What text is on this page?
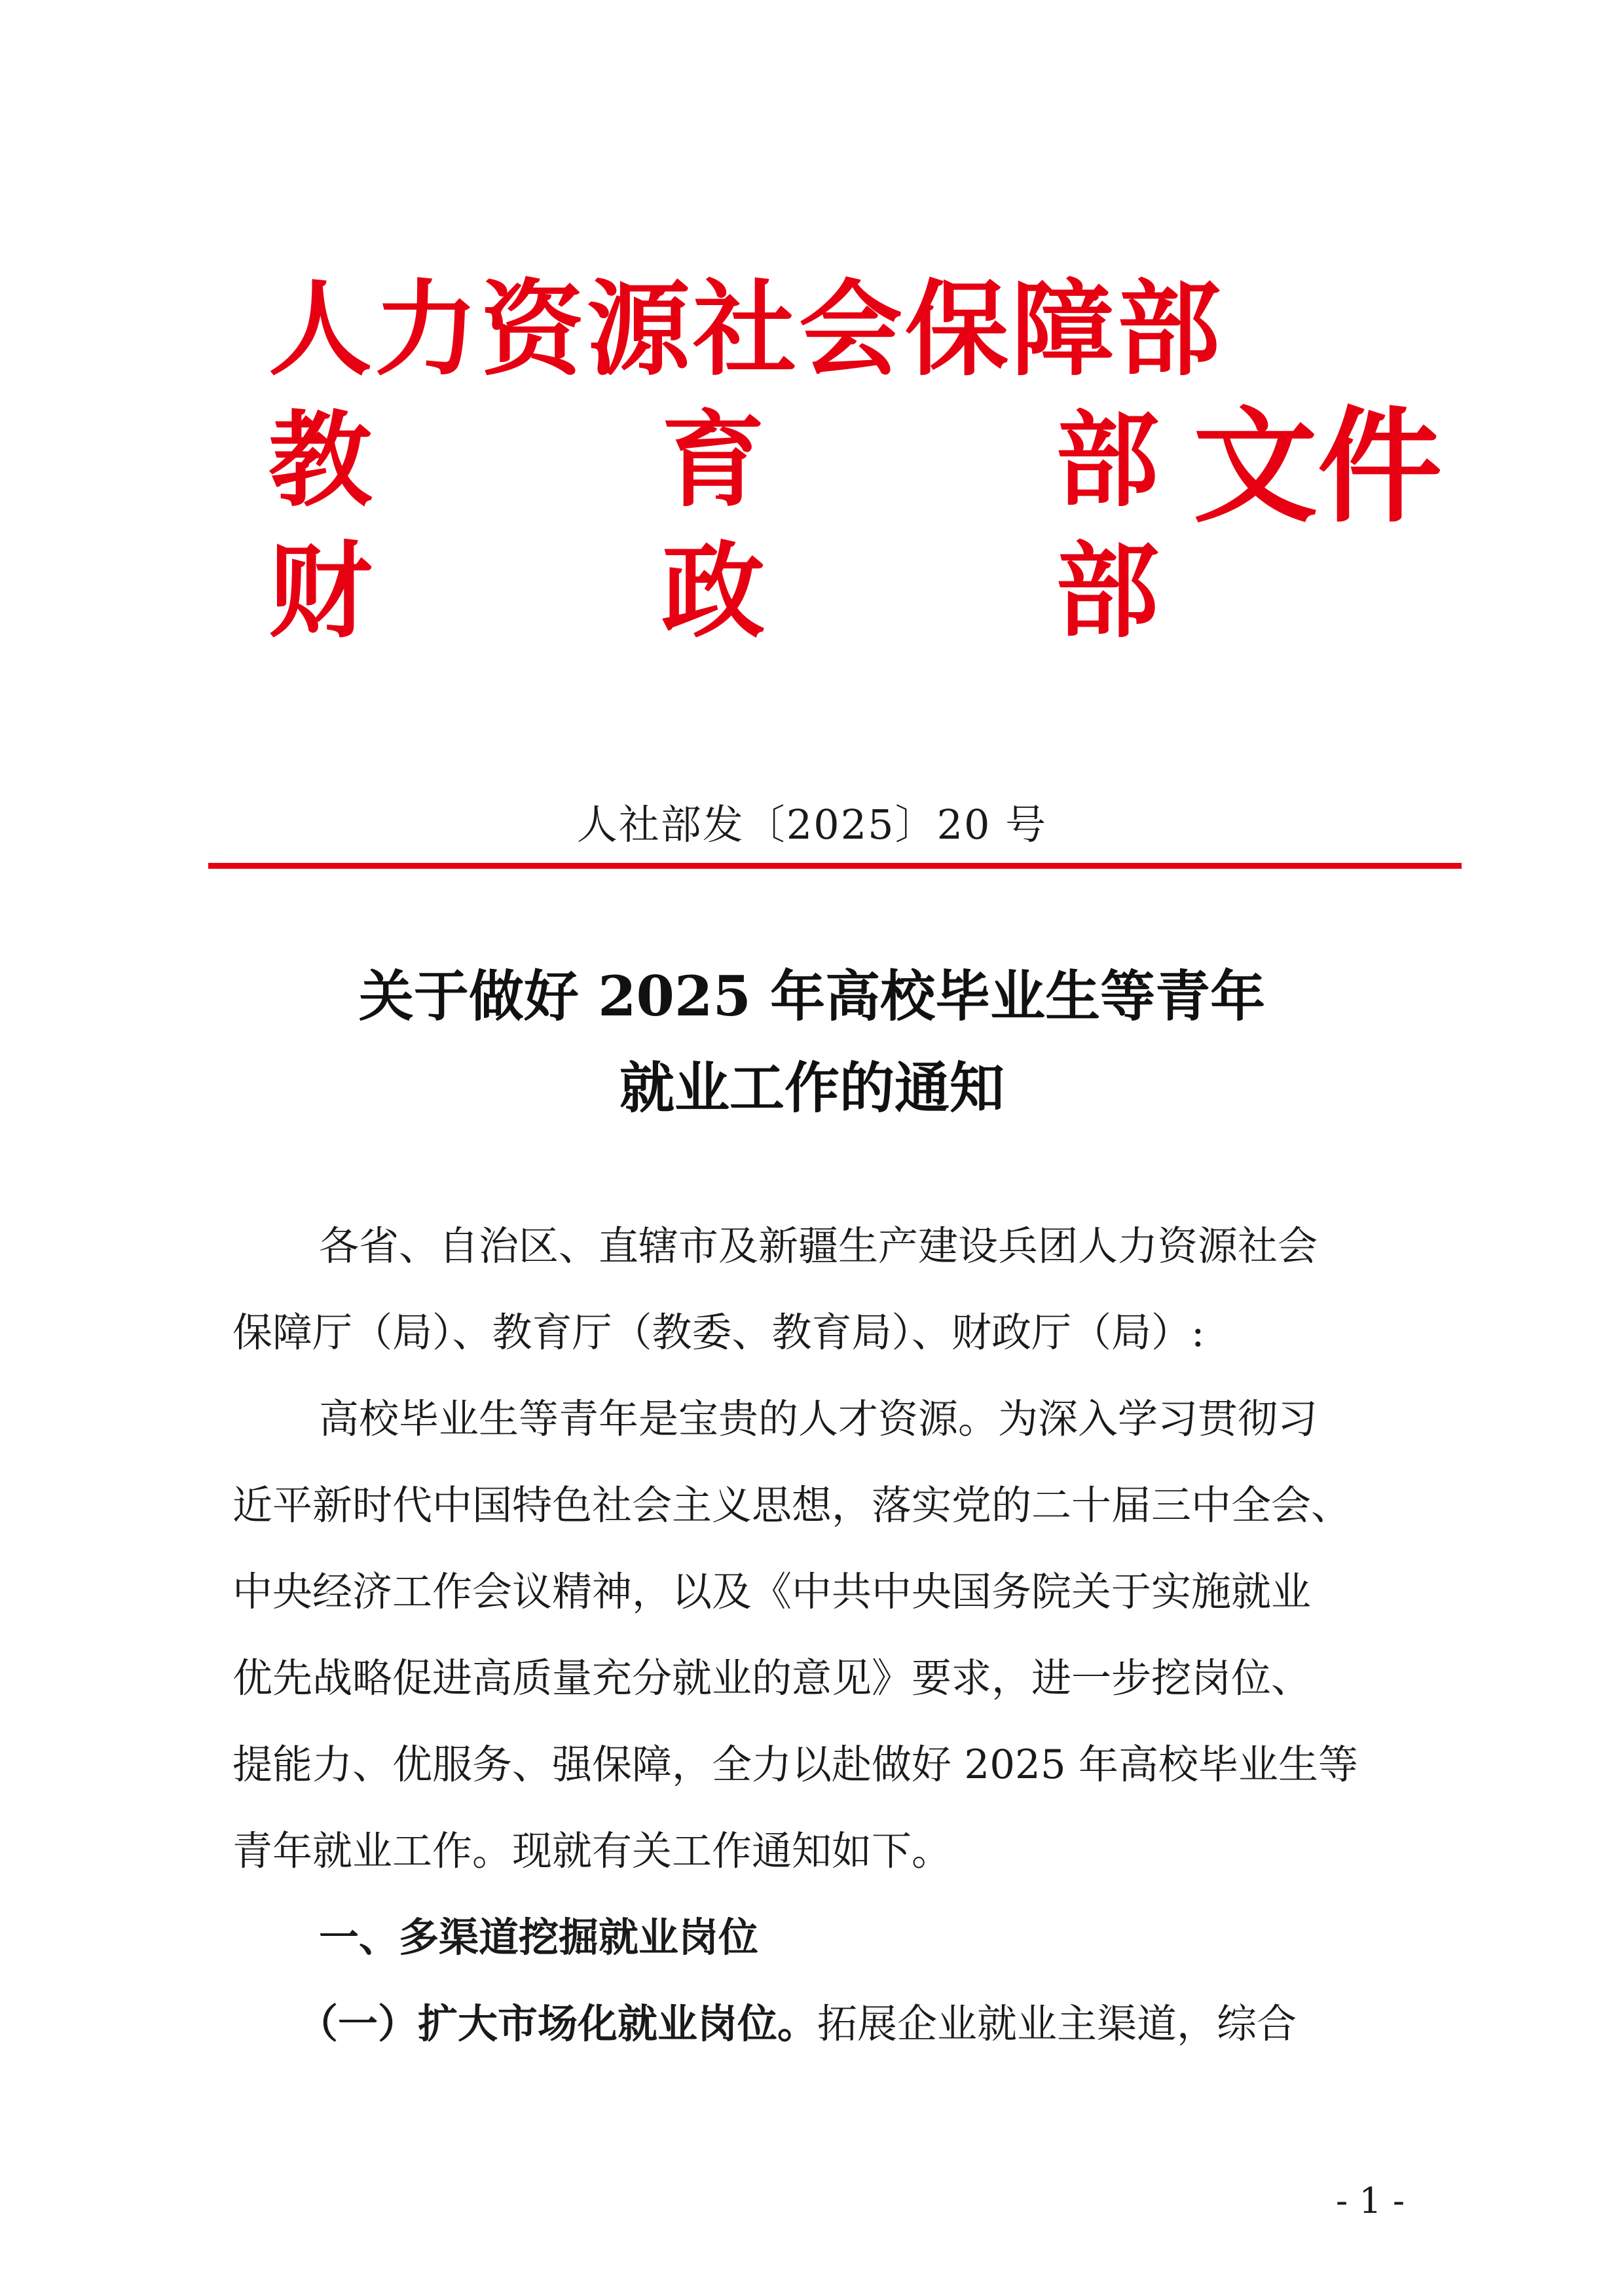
人力资源社会保障部
教	育	部
财	政	部
文件
人社部发〔2025〕20 号
关于做好 2025 年高校毕业生等青年
就业工作的通知

各省、自治区、直辖市及新疆生产建设兵团人力资源社会

保障厅（局）、教育厅（教委、教育局）、财政厅（局）:

高校毕业生等青年是宝贵的人才资源。为深入学习贯彻习

近平新时代中国特色社会主义思想，落实党的二十届三中全会、

中央经济工作会议精神，以及《中共中央国务院关于实施就业

优先战略促进高质量充分就业的意见》要求，进一步挖岗位、

提能力、优服务、强保障，全力以赴做好 2025 年高校毕业生等

青年就业工作。现就有关工作通知如下。

一、多渠道挖掘就业岗位

（一）扩大市场化就业岗位。拓展企业就业主渠道，综合

- 1 -
